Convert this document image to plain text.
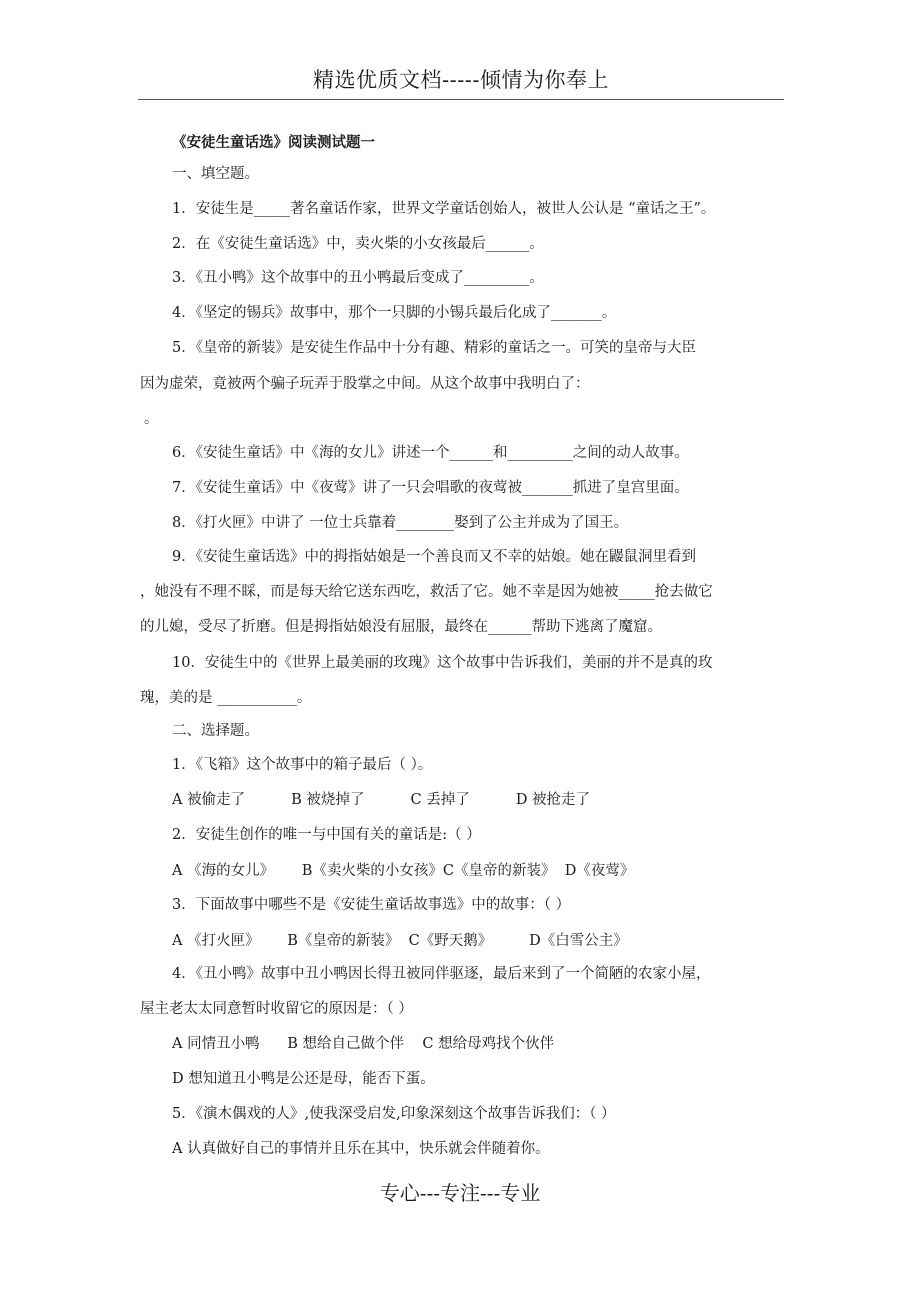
精选优质文档-----倾情为你奉上
《安徒生童话选》阅读测试题一
一、填空题。
1．安徒生是_____著名童话作家，世界文学童话创始人，被世人公认是 “童话之王”。
2．在《安徒生童话选》中，卖火柴的小女孩最后______。
3．《丑小鸭》这个故事中的丑小鸭最后变成了_________。
4．《坚定的锡兵》故事中，那个一只脚的小锡兵最后化成了_______。
5．《皇帝的新装》是安徒生作品中十分有趣、精彩的童话之一。可笑的皇帝与大臣
因为虚荣，竟被两个骗子玩弄于股掌之中间。从这个故事中我明白了：
。
6．《安徒生童话》中《海的女儿》讲述一个______和_________之间的动人故事。
7．《安徒生童话》中《夜莺》讲了一只会唱歌的夜莺被_______抓进了皇宫里面。
8．《打火匣》中讲了 一位士兵靠着________娶到了公主并成为了国王。
9．《安徒生童话选》中的拇指姑娘是一个善良而又不幸的姑娘。她在鼹鼠洞里看到
，她没有不理不睬，而是每天给它送东西吃，救活了它。她不幸是因为她被_____抢去做它
的儿媳，受尽了折磨。但是拇指姑娘没有屈服，最终在______帮助下逃离了魔窟。
10．安徒生中的《世界上最美丽的玫瑰》这个故事中告诉我们，美丽的并不是真的玫
瑰，美的是 ___________。
二、选择题。
1．《飞箱》这个故事中的箱子最后（ ）。
A 被偷走了          B 被烧掉了          C 丢掉了          D 被抢走了
2．安徒生创作的唯一与中国有关的童话是:（ ）
A 《海的女儿》      B《卖火柴的小女孩》C《皇帝的新装》  D《夜莺》
3．下面故事中哪些不是《安徒生童话故事选》中的故事：（ ）
A 《打火匣》      B《皇帝的新装》  C《野天鹅》        D《白雪公主》
4．《丑小鸭》故事中丑小鸭因长得丑被同伴驱逐，最后来到了一个简陋的农家小屋，
屋主老太太同意暂时收留它的原因是：（ ）
A 同情丑小鸭      B 想给自己做个伴    C 想给母鸡找个伙伴
D 想知道丑小鸭是公还是母，能否下蛋。
5．《演木偶戏的人》,使我深受启发,印象深刻这个故事告诉我们：（ ）
A 认真做好自己的事情并且乐在其中，快乐就会伴随着你。
专心---专注---专业
